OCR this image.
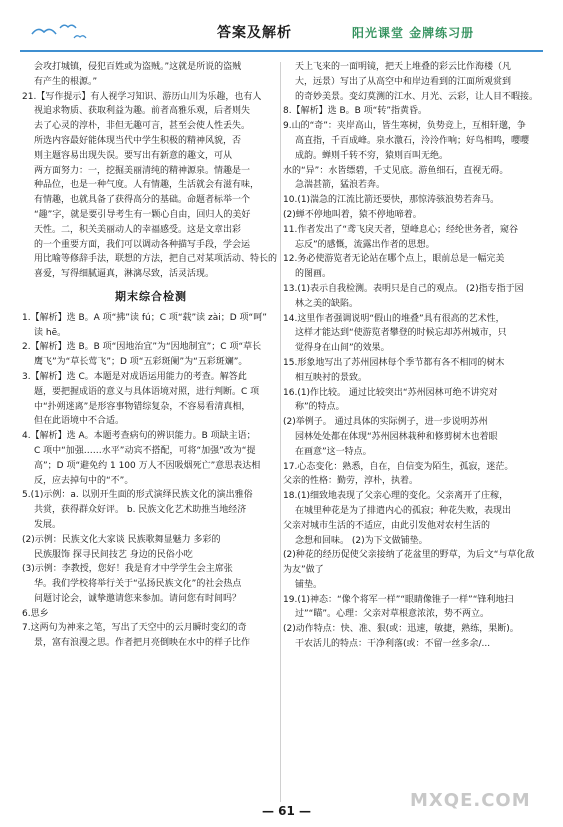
答案及解析	阳光课堂 金牌练习册
会攻打城镇，侵犯百姓或为盗贼。”这就是所说的盗贼
有产生的根源。”
21.【写作提示】有人视学习知识、游历山川为乐趣，也有人
视追求物质、获取利益为趣。前者高雅乐观，后者则失
去了心灵的淳朴，非但无趣可言，甚至会使人性丢失。
所选内容最好能体现当代中学生积极的精神风貌，否
则主题容易出现失误。要写出有新意的趣文，可从
两方面努力：一，挖掘美丽清纯的精神源泉。情趣是一
种品位，也是一种气度。人有情趣，生活就会有滋有味，
有情趣，也就具备了获得高分的基础。命题者标举一个
“趣”字，就是要引导考生有一颗心自由，回归人的美好
天性。二，积关美丽动人的幸福感受。这是文章出彩
的一个重要方面，我们可以调动各种描写手段，学会运
用比喻等修辞手法，联想的方法，把自己对某项活动、特长的
喜爱，写得细腻逼真，淋漓尽致，活灵活现。
期末综合检测
1.【解析】选 B。A 项“拂”读 fú；C 项“载”读 zài；D 项“呵”
读 hē。
2.【解析】选 B。B 项“因地治宜”为“因地制宜”；C 项“草长
鹰飞”为“草长莺飞”；D 项“五彩斑阑”为“五彩斑斓”。
3.【解析】选 C。本题是对成语运用能力的考查。解答此
题，要把握成语的意义与具体语境对照，进行判断。C 项
中“扑朔迷离”是形容事物错综复杂，不容易看清真相，
但在此语境中不合适。
4.【解析】选 A。本题考查病句的辨识能力。B 项缺主语；
C 项中“加强……水平”动宾不搭配，可将“加强”改为“提
高”；D 项“避免约 1 100 万人不因吸烟死亡”意思表达相
反，应去掉句中的“不”。
5.(1)示例：a. 以别开生面的形式演绎民族文化的演出雅俗
共赏，获得群众好评。 b. 民族文化艺术助推当地经济
发展。
(2)示例：民族文化大家谈 民族歌舞显魅力 多彩的
民族服饰 探寻民间技艺 身边的民俗小吃
(3)示例：李教授，您好！我是育才中学学生会主席张
华。我们学校将举行关于“弘扬民族文化”的社会热点
问题讨论会，诚挚邀请您来参加。请问您有时间吗？
6.思乡
7.这两句为神来之笔，写出了天空中的云月瞬时变幻的奇
景，富有浪漫之思。作者把月亮倒映在水中的样子比作
天上飞来的一面明镜，把天上堆叠的彩云比作海楼（凡
大，远景）写出了从高空中和岸边看到的江面所观赏到
的奇妙美景。变幻莫测的江水、月光、云彩，让人目不暇接。
8.【解析】选 B。B 项“转”指黄昏。
9.山的“奇”：夹岸高山，皆生寒树，负势竞上，互相轩邈，争
高直指，千百成峰。泉水激石，泠泠作响；好鸟相鸣，嘤嘤
成韵。蝉则千转不穷，猿则百叫无绝。
水的“异”：水皆缥碧，千丈见底。游鱼细石，直视无碍。
急湍甚箭，猛浪若奔。
10.(1)湍急的江流比箭还要快，那惊涛骇浪势若奔马。
(2)蝉不停地叫着，猿不停地啼着。
11.作者发出了“鸢飞戾天者，望峰息心；经纶世务者，窥谷
忘反”的感慨，流露出作者的思想。
12.务必使游览者无论站在哪个点上，眼前总是一幅完美
的图画。
13.(1)表示自我检测。表明只是自己的观点。 (2)指专指于园
林之美的缺陷。
14.这里作者强调说明“假山的堆叠”具有很高的艺术性，
这样才能达到“使游览者攀登的时候忘却苏州城市，只
觉得身在山间”的效果。
15.形象地写出了苏州园林每个季节都有各不相同的树木
相互映衬的景致。
16.(1)作比较。 通过比较突出“苏州园林可绝不讲究对
称”的特点。
(2)举例子。 通过具体的实际例子，进一步说明苏州
园林处处都在体现“苏州园林栽种和修剪树木也着眼
在画意”这一特点。
17.心态变化：熟悉，自在，自信变为陌生，孤寂，迷茫。
父亲的性格：勤劳，淳朴，执着。
18.(1)细致地表现了父亲心理的变化。父亲离开了庄稼，
在城里种花是为了排遣内心的孤寂；种花失败，表现出
父亲对城市生活的不适应，由此引发他对农村生活的
念想和回味。 (2)为下文做铺垫。
(2)种花的经历促使父亲接纳了花盆里的野草，为后文“与草化敌为友”做了
铺垫。
19.(1)神态：“像个将军一样”“眼睛像锥子一样”“锋利地扫
过”“瞄”。心理：父亲对草根意浓浓，势不两立。
(2)动作特点：快、准、狠(或：迅速，敏捷，熟练，果断)。
干农活儿的特点：干净利落(或：不留一丝多余/...
— 61 —	MXQE.COM
